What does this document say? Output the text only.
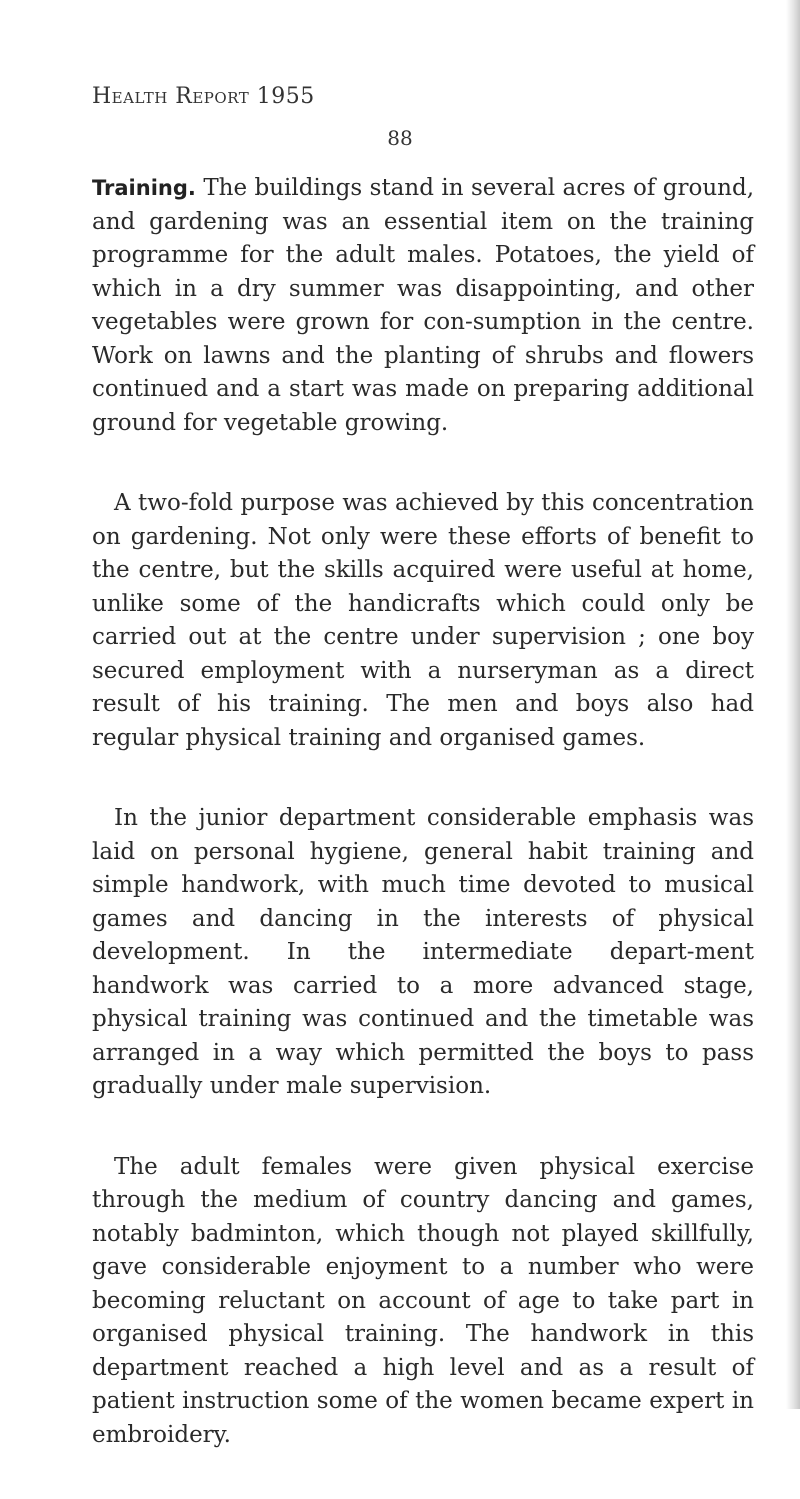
Health Report 1955
88

Training. The buildings stand in several acres of ground, and gardening was an essential item on the training programme for the adult males. Potatoes, the yield of which in a dry summer was disappointing, and other vegetables were grown for con-sumption in the centre. Work on lawns and the planting of shrubs and flowers continued and a start was made on preparing additional ground for vegetable growing.

A two-fold purpose was achieved by this concentration on gardening. Not only were these efforts of benefit to the centre, but the skills acquired were useful at home, unlike some of the handicrafts which could only be carried out at the centre under supervision ; one boy secured employment with a nurseryman as a direct result of his training. The men and boys also had regular physical training and organised games.

In the junior department considerable emphasis was laid on personal hygiene, general habit training and simple handwork, with much time devoted to musical games and dancing in the interests of physical development. In the intermediate depart-ment handwork was carried to a more advanced stage, physical training was continued and the timetable was arranged in a way which permitted the boys to pass gradually under male supervision.

The adult females were given physical exercise through the medium of country dancing and games, notably badminton, which though not played skillfully, gave considerable enjoyment to a number who were becoming reluctant on account of age to take part in organised physical training. The handwork in this department reached a high level and as a result of patient instruction some of the women became expert in embroidery.
